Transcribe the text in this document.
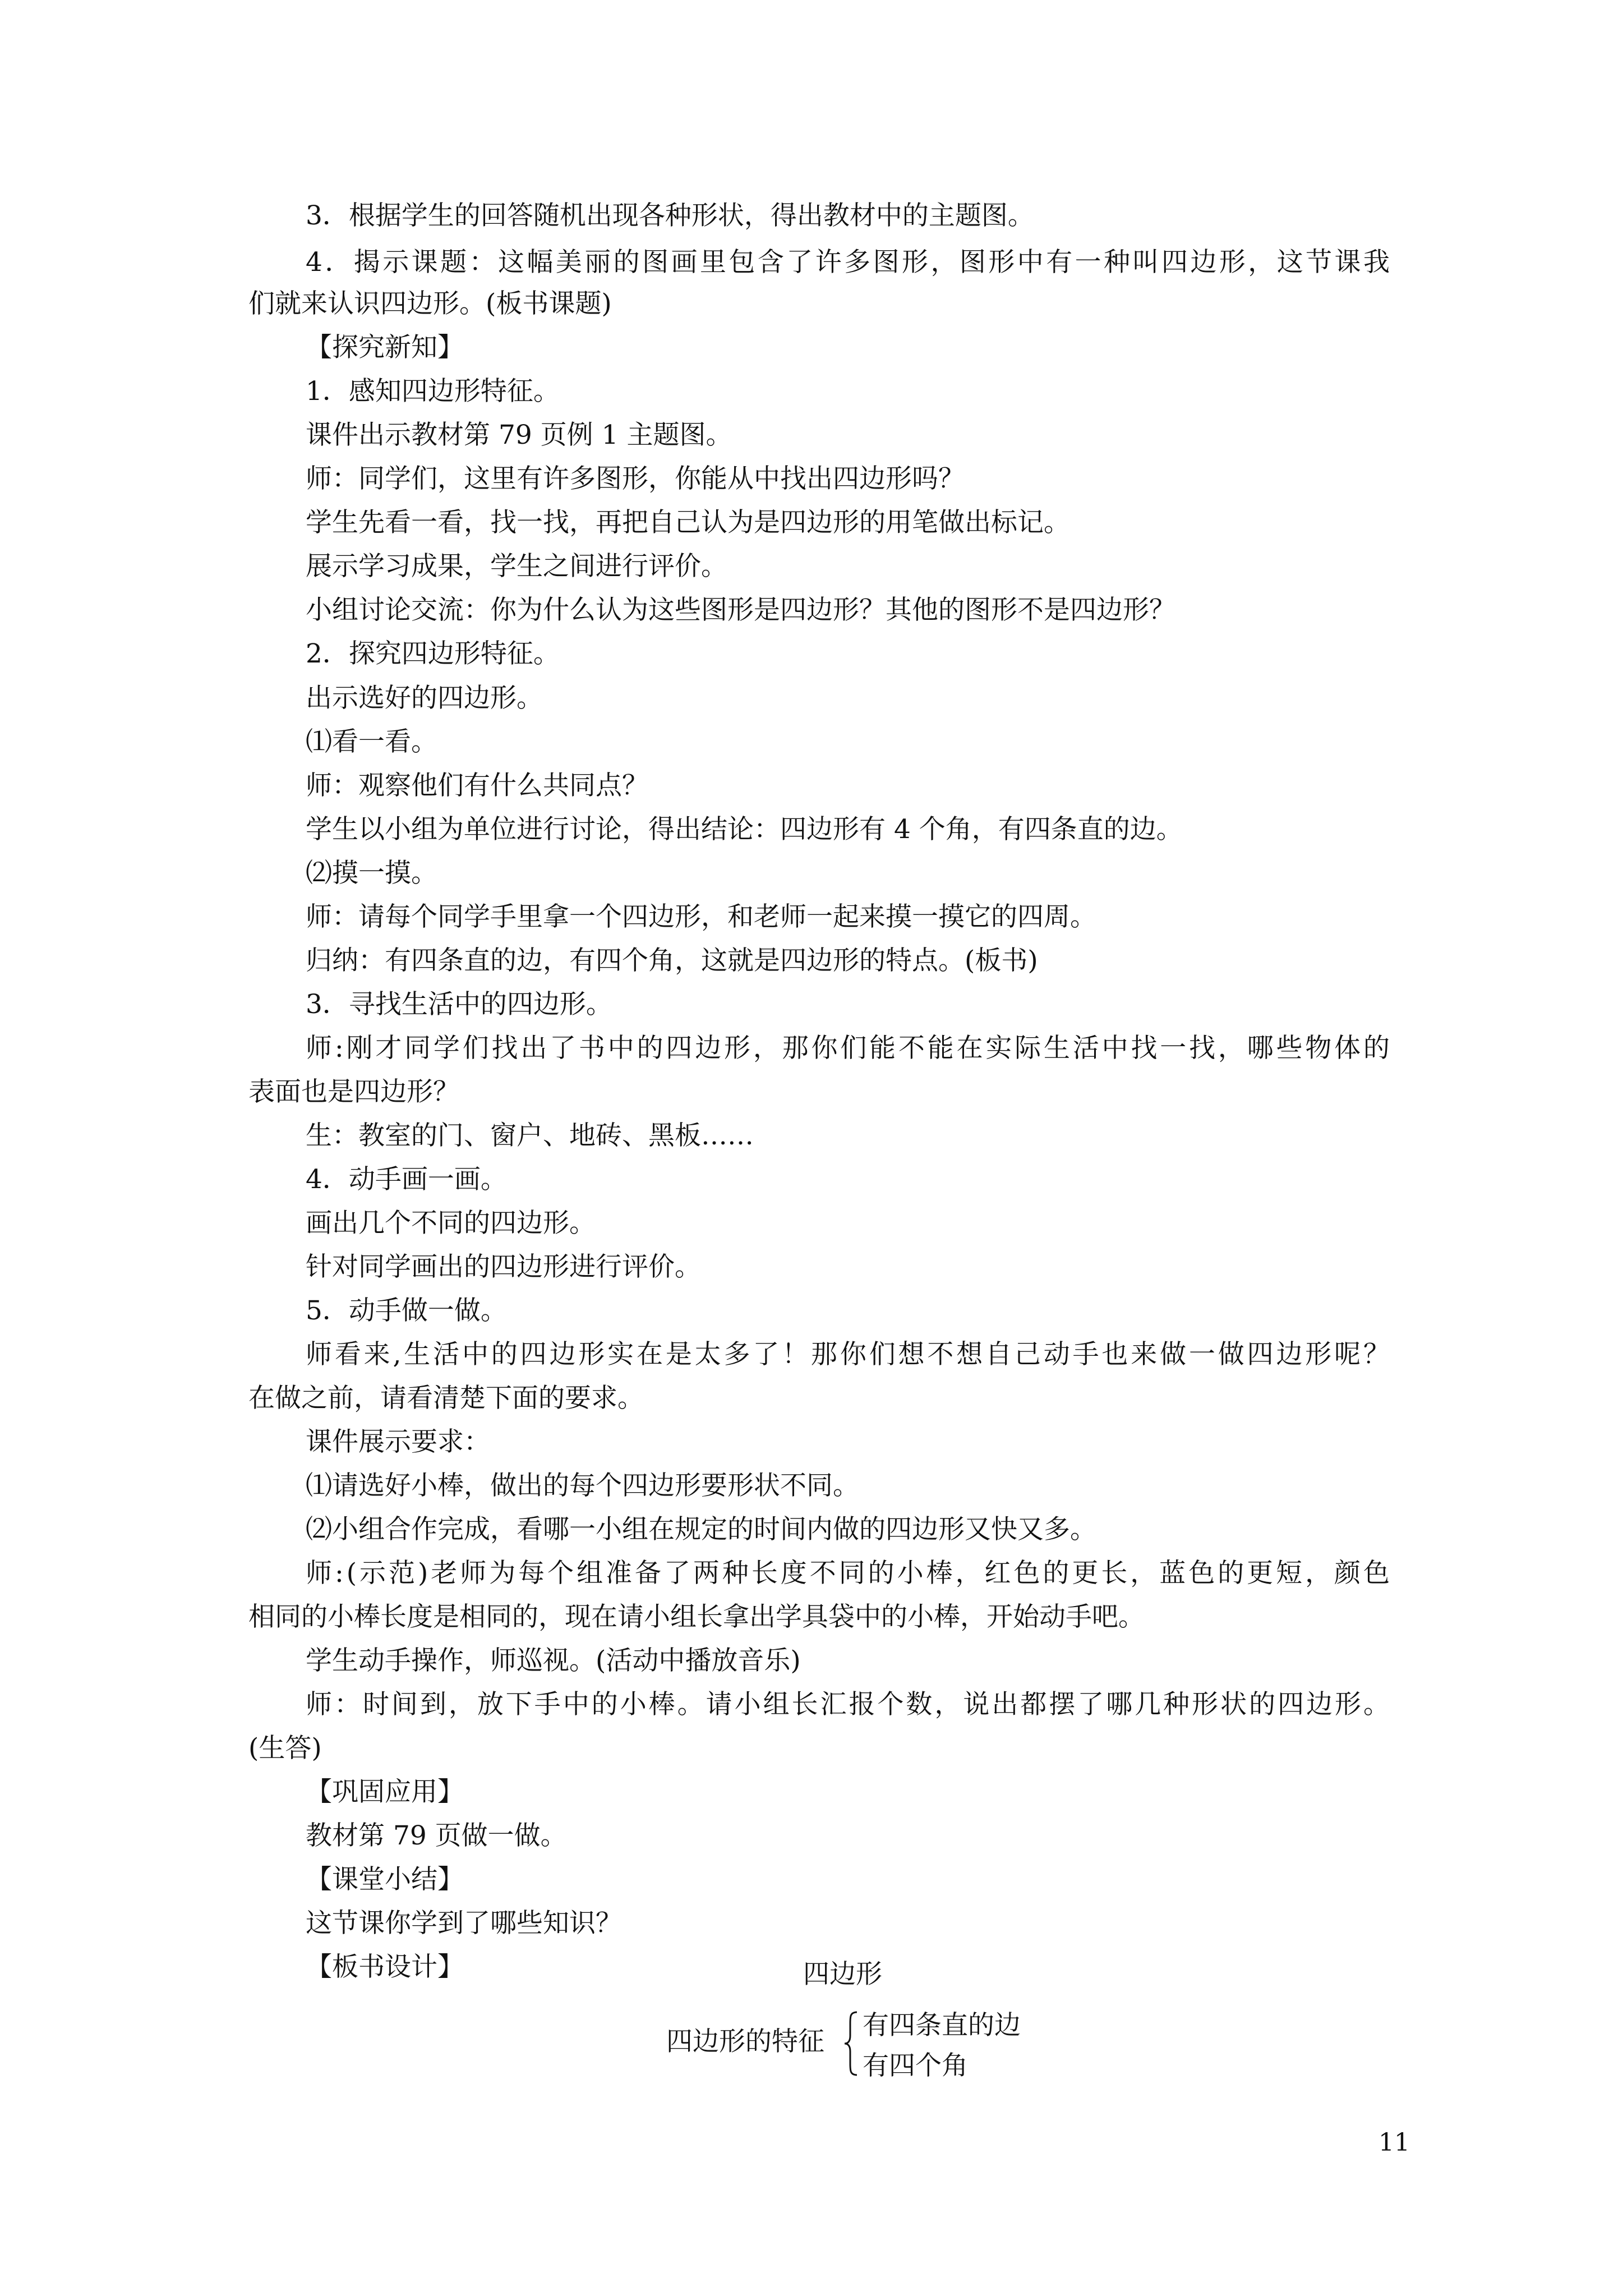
3．根据学生的回答随机出现各种形状，得出教材中的主题图。
4．揭示课题：这幅美丽的图画里包含了许多图形，图形中有一种叫四边形，这节课我
们就来认识四边形。(板书课题)
【探究新知】
1．感知四边形特征。
课件出示教材第 79 页例 1 主题图。
师：同学们，这里有许多图形，你能从中找出四边形吗？
学生先看一看，找一找，再把自己认为是四边形的用笔做出标记。
展示学习成果，学生之间进行评价。
小组讨论交流：你为什么认为这些图形是四边形？其他的图形不是四边形？
2．探究四边形特征。
出示选好的四边形。
⑴看一看。
师：观察他们有什么共同点？
学生以小组为单位进行讨论，得出结论：四边形有 4 个角，有四条直的边。
⑵摸一摸。
师：请每个同学手里拿一个四边形，和老师一起来摸一摸它的四周。
归纳：有四条直的边，有四个角，这就是四边形的特点。(板书)
3．寻找生活中的四边形。
师:刚才同学们找出了书中的四边形，那你们能不能在实际生活中找一找，哪些物体的
表面也是四边形？
生：教室的门、窗户、地砖、黑板……
4．动手画一画。
画出几个不同的四边形。
针对同学画出的四边形进行评价。
5．动手做一做。
师看来,生活中的四边形实在是太多了！那你们想不想自己动手也来做一做四边形呢？
在做之前，请看清楚下面的要求。
课件展示要求：
⑴请选好小棒，做出的每个四边形要形状不同。
⑵小组合作完成，看哪一小组在规定的时间内做的四边形又快又多。
师:(示范)老师为每个组准备了两种长度不同的小棒，红色的更长，蓝色的更短，颜色
相同的小棒长度是相同的，现在请小组长拿出学具袋中的小棒，开始动手吧。
学生动手操作，师巡视。(活动中播放音乐)
师：时间到，放下手中的小棒。请小组长汇报个数，说出都摆了哪几种形状的四边形。
(生答)
【巩固应用】
教材第 79 页做一做。
【课堂小结】
这节课你学到了哪些知识？
【板书设计】	四边形
四边形的特征
有四条直的边
有四个角
11
